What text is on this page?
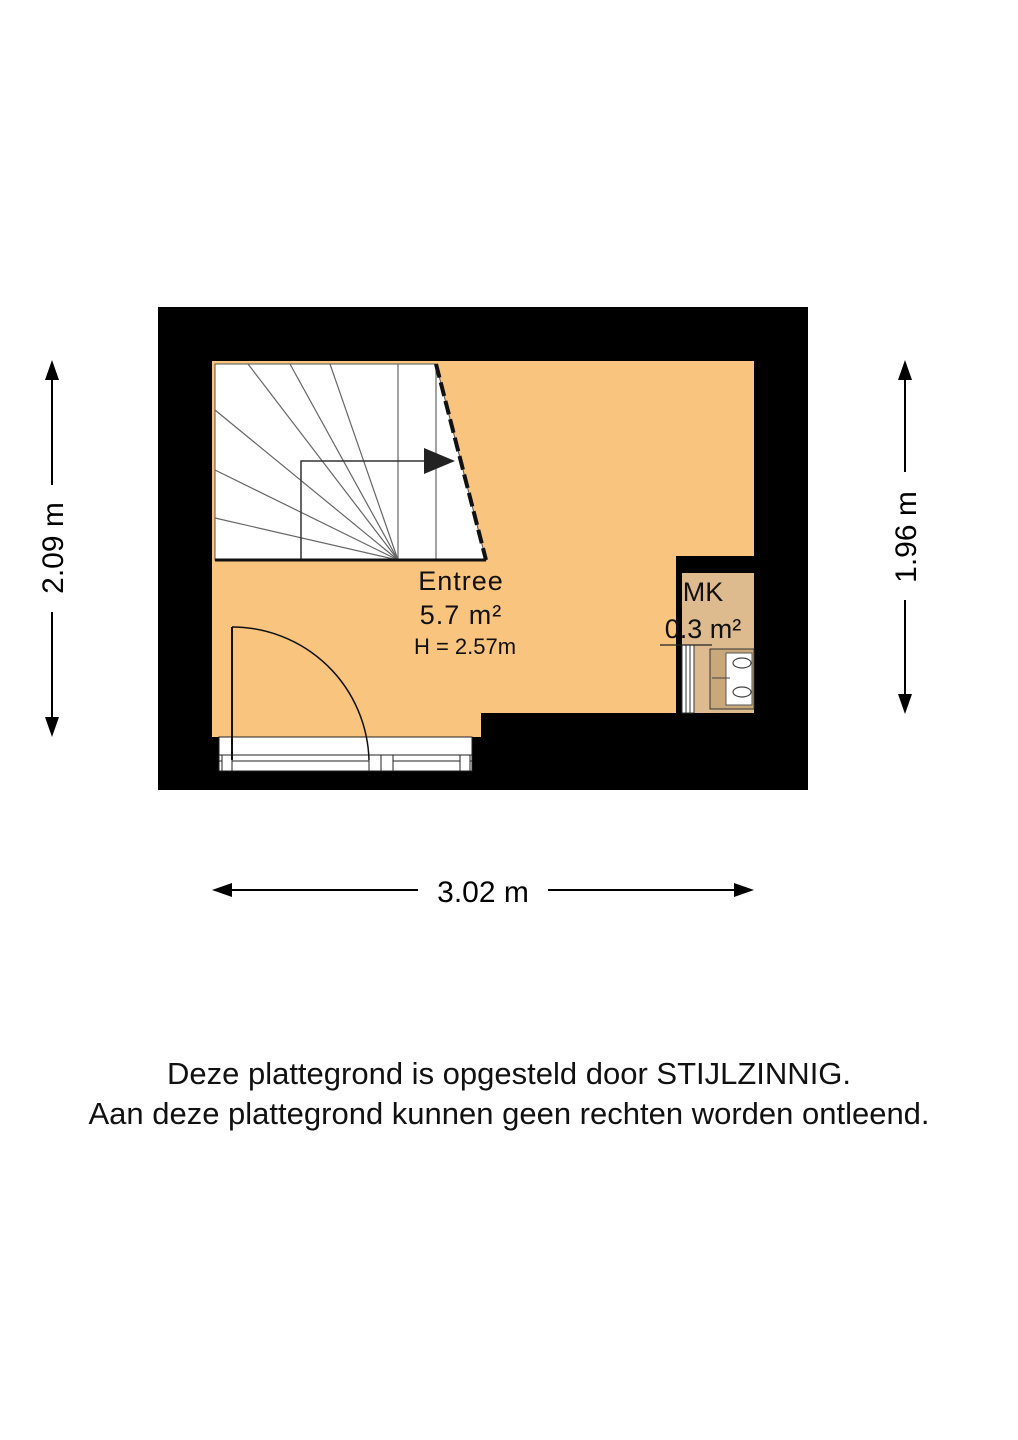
Entree
5.7 m²
H = 2.57m
MK
0.3 m²
3.02 m
2.09 m	1.96 m
Deze plattegrond is opgesteld door STIJLZINNIG.
Aan deze plattegrond kunnen geen rechten worden ontleend.
